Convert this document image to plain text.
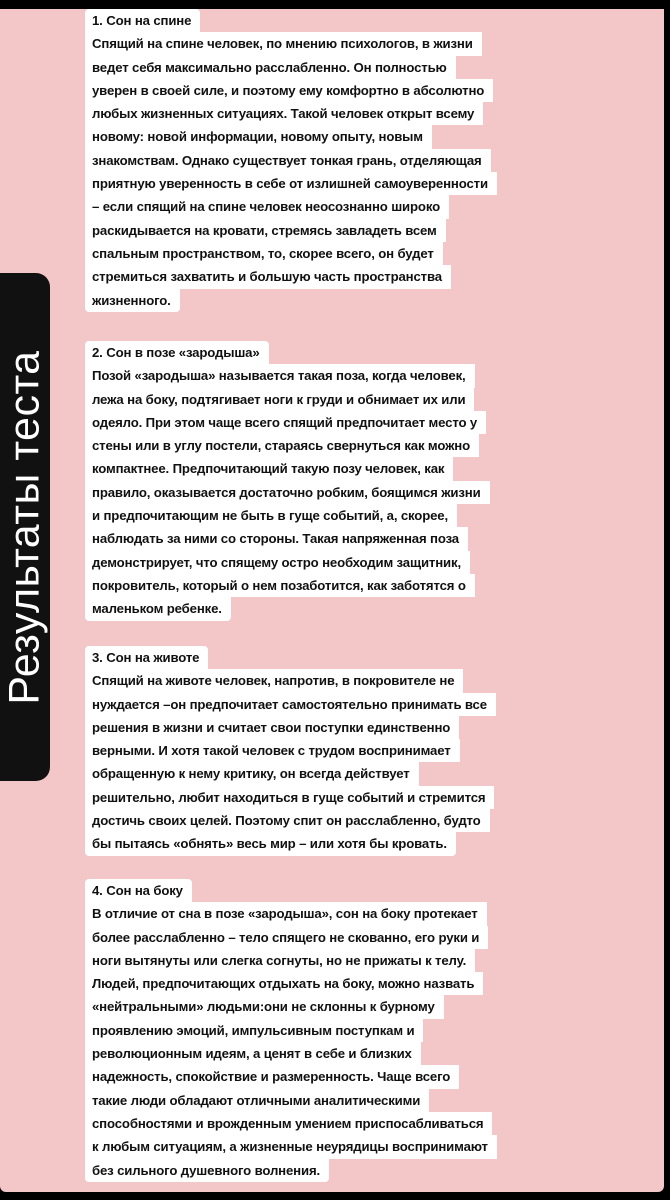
Результаты теста
1. Сон на спине
Спящий на спине человек, по мнению психологов, в жизни
ведет себя максимально расслабленно. Он полностью
уверен в своей силе, и поэтому ему комфортно в абсолютно
любых жизненных ситуациях. Такой человек открыт всему
новому: новой информации, новому опыту, новым
знакомствам. Однако существует тонкая грань, отделяющая
приятную уверенность в себе от излишней самоуверенности
– если спящий на спине человек неосознанно широко
раскидывается на кровати, стремясь завладеть всем
спальным пространством, то, скорее всего, он будет
стремиться захватить и большую часть пространства
жизненного.
2. Сон в позе «зародыша»
Позой «зародыша» называется такая поза, когда человек,
лежа на боку, подтягивает ноги к груди и обнимает их или
одеяло. При этом чаще всего спящий предпочитает место у
стены или в углу постели, стараясь свернуться как можно
компактнее. Предпочитающий такую позу человек, как
правило, оказывается достаточно робким, боящимся жизни
и предпочитающим не быть в гуще событий, а, скорее,
наблюдать за ними со стороны. Такая напряженная поза
демонстрирует, что спящему остро необходим защитник,
покровитель, который о нем позаботится, как заботятся о
маленьком ребенке.
3. Сон на животе
Спящий на животе человек, напротив, в покровителе не
нуждается –он предпочитает самостоятельно принимать все
решения в жизни и считает свои поступки единственно
верными. И хотя такой человек с трудом воспринимает
обращенную к нему критику, он всегда действует
решительно, любит находиться в гуще событий и стремится
достичь своих целей. Поэтому спит он расслабленно, будто
бы пытаясь «обнять» весь мир – или хотя бы кровать.
4. Сон на боку
В отличие от сна в позе «зародыша», сон на боку протекает
более расслабленно – тело спящего не скованно, его руки и
ноги вытянуты или слегка согнуты, но не прижаты к телу.
Людей, предпочитающих отдыхать на боку, можно назвать
«нейтральными» людьми:они не склонны к бурному
проявлению эмоций, импульсивным поступкам и
революционным идеям, а ценят в себе и близких
надежность, спокойствие и размеренность. Чаще всего
такие люди обладают отличными аналитическими
способностями и врожденным умением приспосабливаться
к любым ситуациям, а жизненные неурядицы воспринимают
без сильного душевного волнения.
